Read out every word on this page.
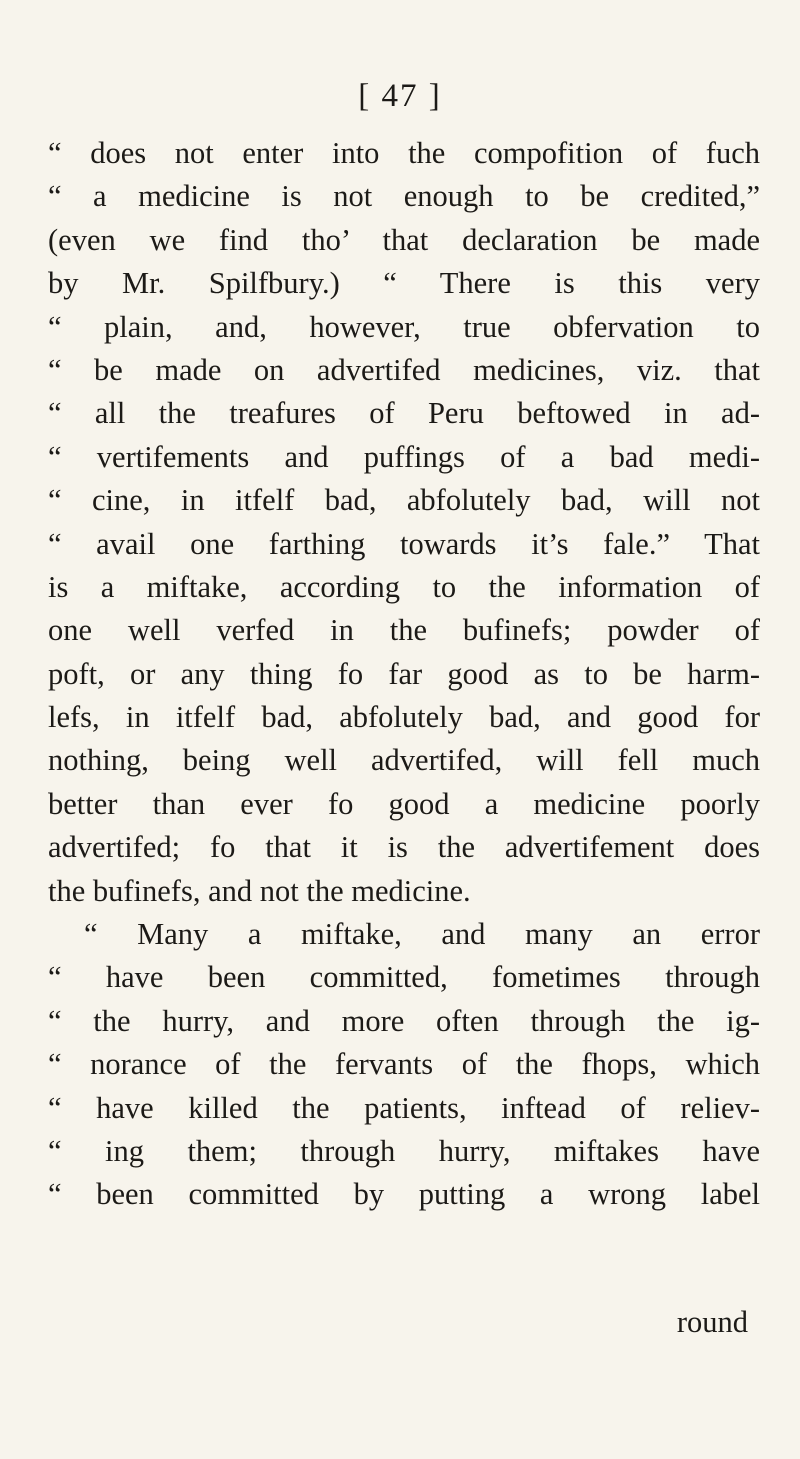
[ 47 ]
“ does not enter into the compofition of fuch
“ a medicine is not enough to be credited,”
(even we find tho’ that declaration be made
by Mr. Spilfbury.) “ There is this very
“ plain, and, however, true obfervation to
“ be made on advertifed medicines, viz. that
“ all the treafures of Peru beftowed in ad-
“ vertifements and puffings of a bad medi-
“ cine, in itfelf bad, abfolutely bad, will not
“ avail one farthing towards it’s fale.” That
is a miftake, according to the information of
one well verfed in the bufinefs; powder of
poft, or any thing fo far good as to be harm-
lefs, in itfelf bad, abfolutely bad, and good for
nothing, being well advertifed, will fell much
better than ever fo good a medicine poorly
advertifed; fo that it is the advertifement does
the bufinefs, and not the medicine.
“ Many a miftake, and many an error
“ have been committed, fometimes through
“ the hurry, and more often through the ig-
“ norance of the fervants of the fhops, which
“ have killed the patients, inftead of reliev-
“ ing them; through hurry, miftakes have
“ been committed by putting a wrong label
round
